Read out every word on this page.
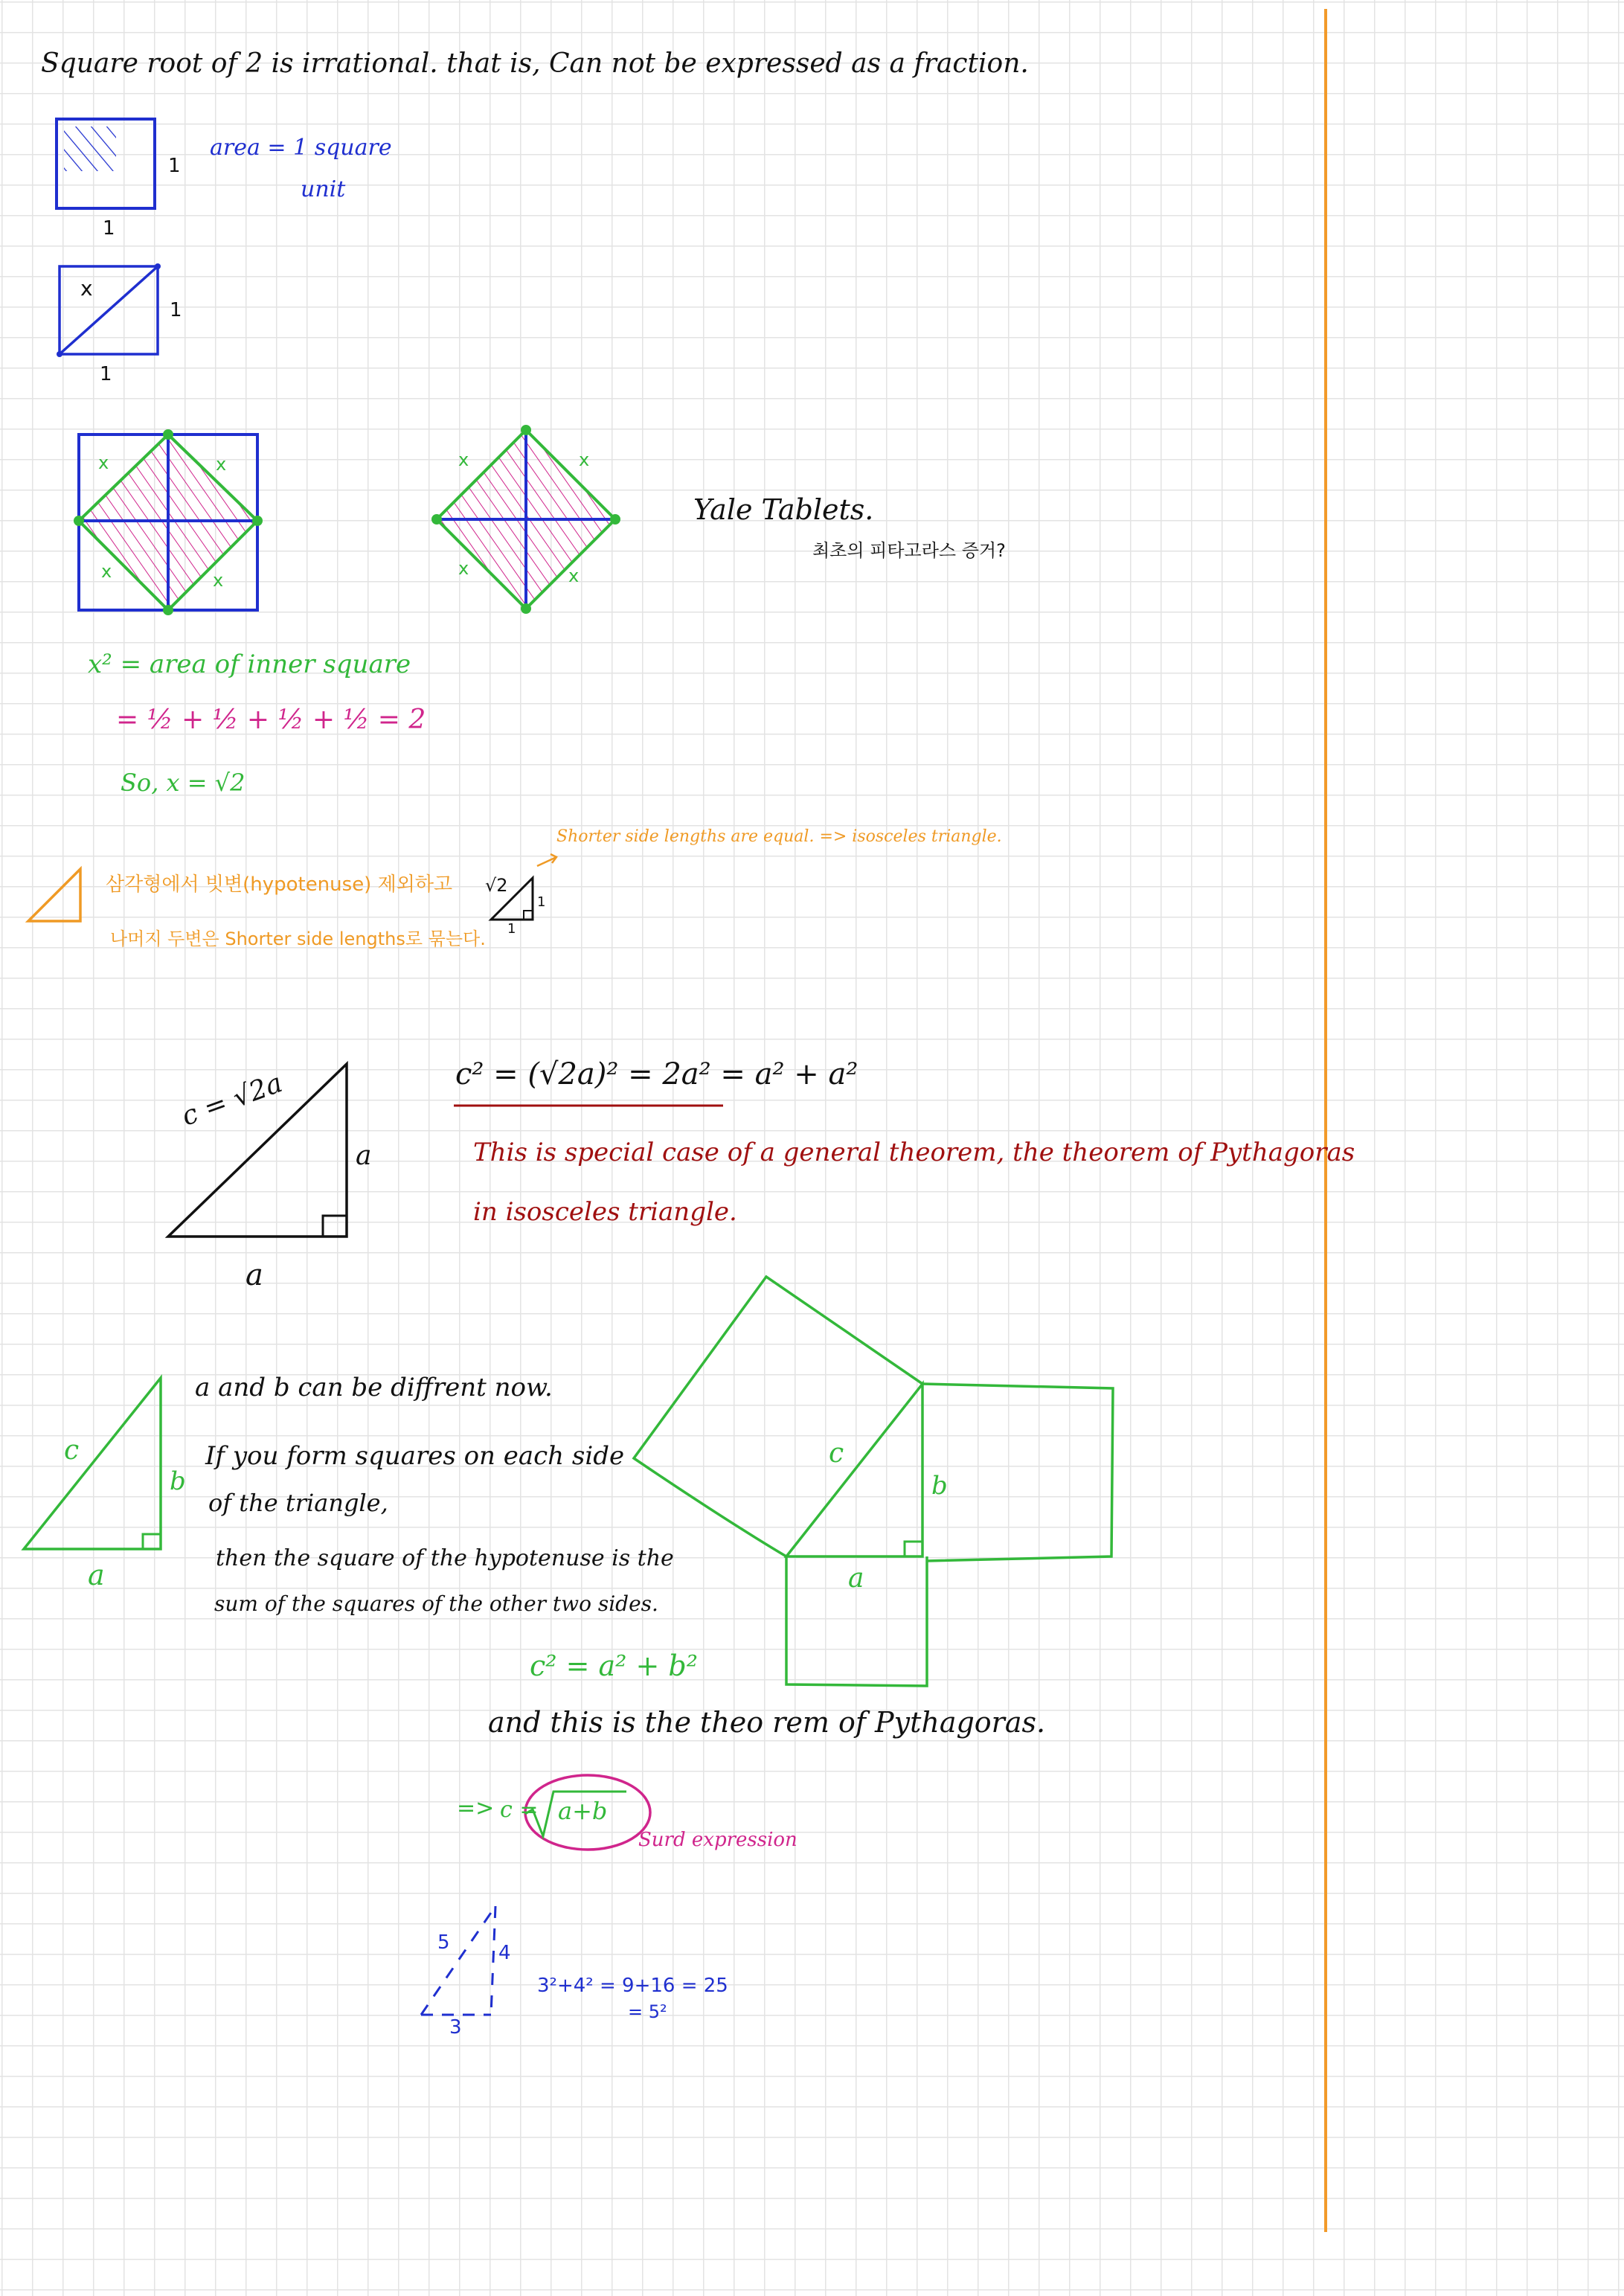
Square root of 2 is irrational. that is, Can not be expressed as a fraction.
1
1
area = 1 square
unit
x
1
1
x	x
x	x
x	x
x	x
Yale Tablets.
최초의 피타고라스 증거?
x² = area of inner square
= ½ + ½ + ½ + ½ = 2
So, x = √2
Shorter side lengths are equal. => isosceles triangle.
삼각형에서 빗변(hypotenuse) 제외하고
나머지 두변은 Shorter side lengths로 묶는다.
√2
1
1
c = √2a
a
a
c² = (√2a)² = 2a² = a² + a²
This is special case of a general theorem, the theorem of Pythagoras
in isosceles triangle.
c
b
a
a and b can be diffrent now.
If you form squares on each side
of the triangle,
then the square of the hypotenuse is the
sum of the squares of the other two sides.
c² = a² + b²
and this is the theo rem of Pythagoras.
=> c = a+b
Surd expression
c
b
a
5	4
3
3²+4² = 9+16 = 25
= 5²
